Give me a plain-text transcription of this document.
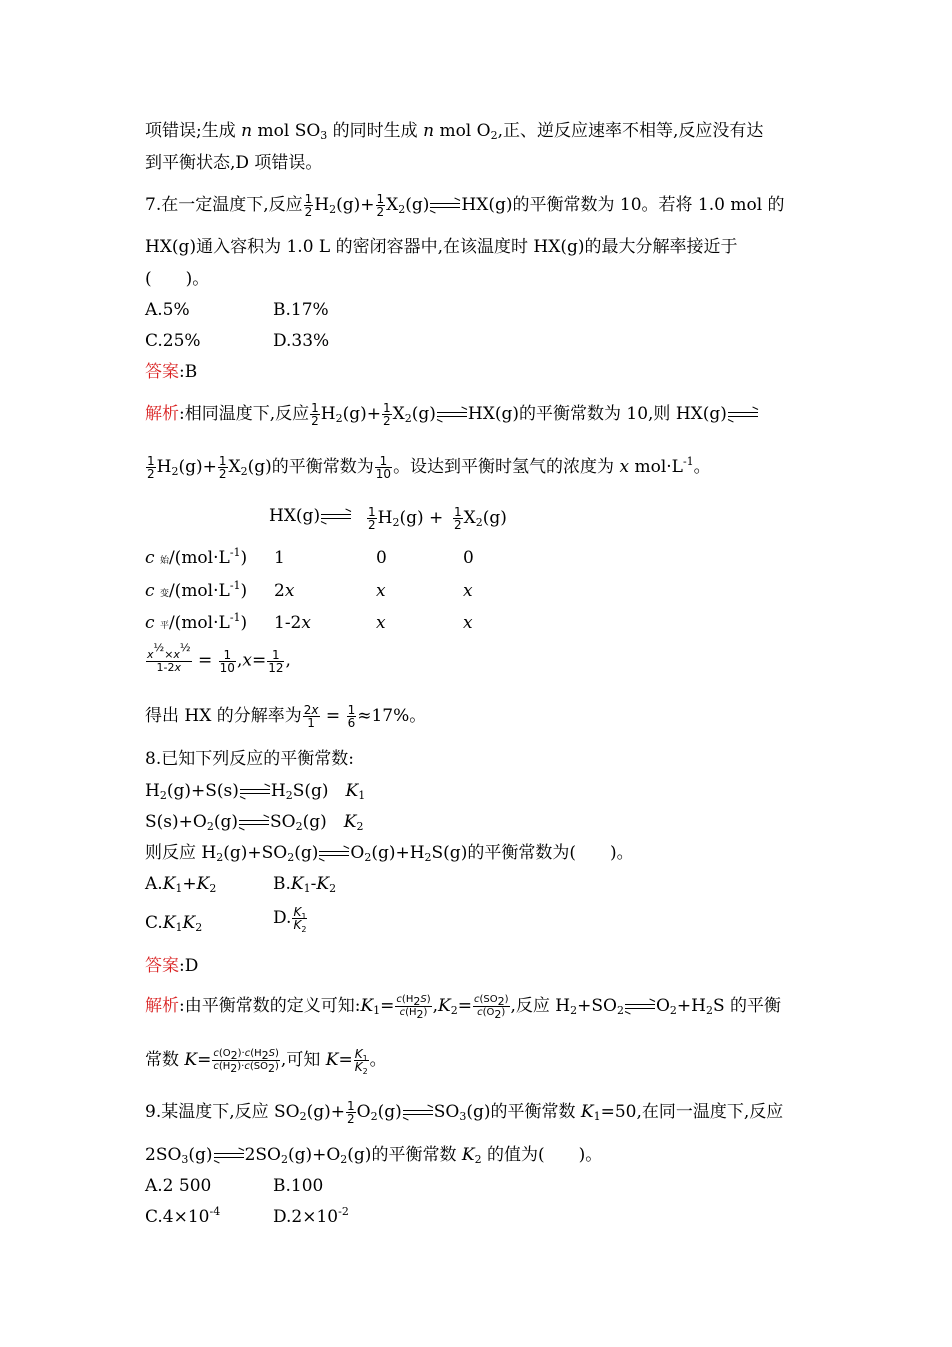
项错误;生成 n mol $SO_3$ 的同时生成 n mol $O_2$,正、逆反应速率不相等,反应没有达
到平衡状态,D 项错误。
7.在一定温度下,反应 $\frac{1}{2} H_2(g)+ \frac{1}{2} X_2(g)$ HX(g)的平衡常数为 10。若将 1.0 mol 的
HX(g)通入容积为 1.0 L 的密闭容器中,在该温度时 HX(g)的最大分解率接近于
(　　)。
A.5%	B.17%
C.25%	D.33%
答案:B
解析:相同温度下,反应 $\frac{1}{2} H_2(g)+ \frac{1}{2} X_2(g)$ HX(g)的平衡常数为 10,则 HX(g)
$\frac{1}{2} H_2(g)+ \frac{1}{2} X_2(g)$的平衡常数为 $\frac{1}{10}$ 。设达到平衡时氢气的浓度为 x $mol\cdot L^{-1}$。
HX(g)	$\frac{1}{2} H_2(g) + \frac{1}{2} X_2(g)$
c 始$/(mol\cdot L^{-1})$ 1	0	0
c 变$/(mol\cdot L^{-1})$ 2x	x	x
c 平$/(mol\cdot L^{-1})$ 1-2x	x	x
$\frac{x^{\frac{1}{2}}\times x^{\frac{1}{2}}}{1-2x} = \frac{1}{10} ,x= \frac{1}{12}$ ,
得出 HX 的分解率为 $\frac{2x}{1} = \frac{1}{6} \approx 17\%$。
8.已知下列反应的平衡常数:
$H_2(g)+S(s)$ $H_2S(g)$　$K_1$
$S(s)+O_2(g)$ $SO_2(g)$　$K_2$
则反应 $H_2(g)+SO_2(g)$ $O_2(g)+H_2S(g)$的平衡常数为(　　)。
$A.K_1+K_2$	$B.K_1-K_2$
$C.K_1K_2$	D. $\frac{K_1}{K_2}$
答案:D
解析:由平衡常数的定义可知$:K_1= \frac{c(H_2S)}{c(H_2)} ,K_2= \frac{c(SO_2)}{c(O_2)}$ ,反应 $H_2+SO_2$ $O_2+H_2S$ 的平衡
常数 $K= \frac{c(O_2)\cdot c(H_2S)}{c(H_2)\cdot c(SO_2)}$ ,可知 $K= \frac{K_1}{K_2}$ 。
9.某温度下,反应 $SO_2(g)+ \frac{1}{2} O_2(g)$ $SO_3(g)$的平衡常数 $K_1=50$,在同一温度下,反应
$2SO_3(g)$ $2SO_2(g)+O_2(g)$的平衡常数 $K_2$ 的值为(　　)。
A.2 500	B.100
$C.4\times 10^{-4}$	$D.2\times 10^{-2}$
